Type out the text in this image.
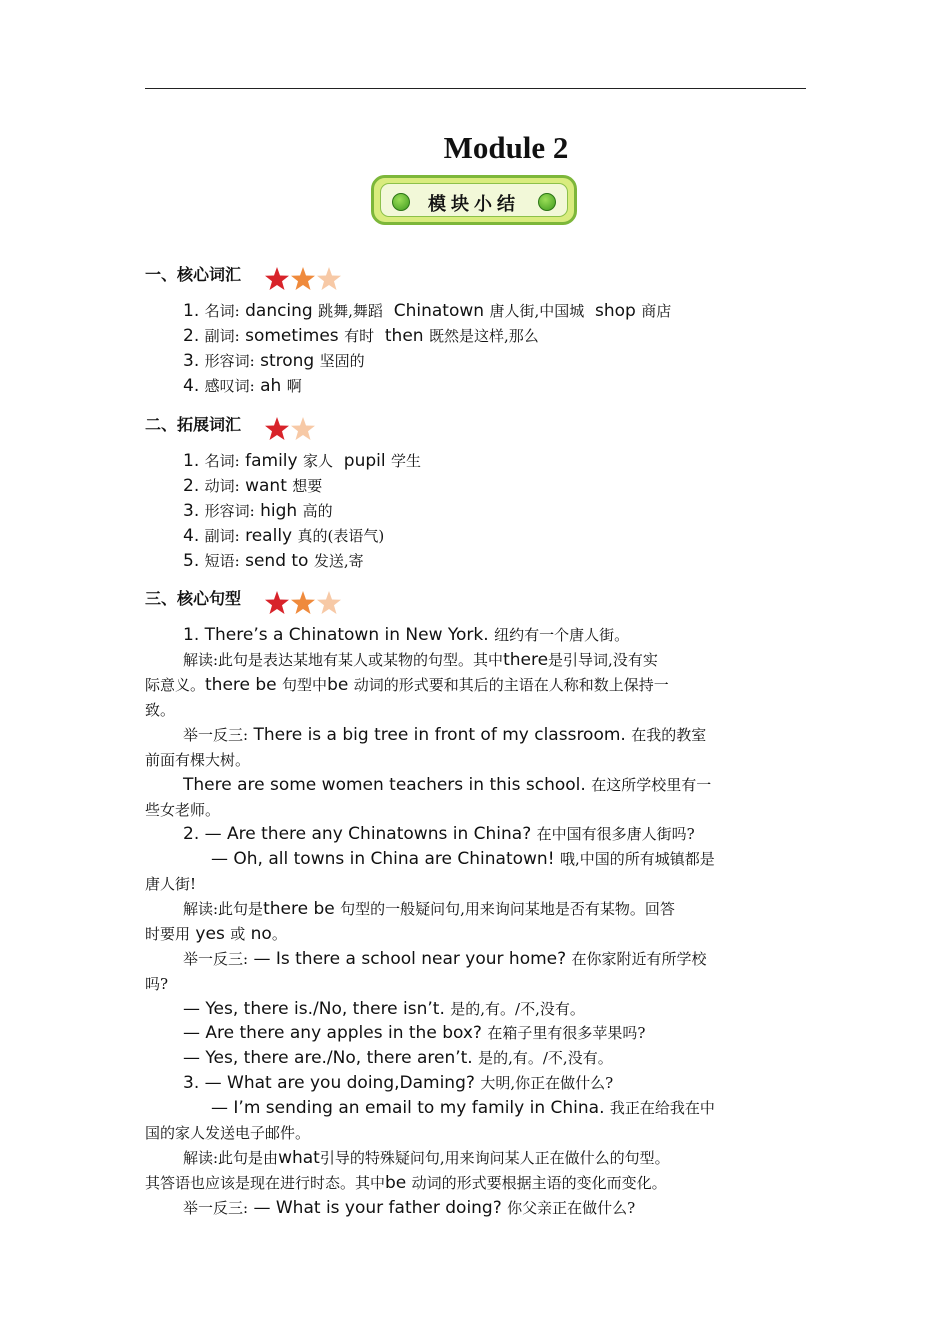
Module 2
模块小结
一、核心词汇
1. 名词: dancing 跳舞,舞蹈  Chinatown 唐人街,中国城  shop 商店
2. 副词: sometimes 有时  then 既然是这样,那么
3. 形容词: strong 坚固的
4. 感叹词: ah 啊
二、拓展词汇
1. 名词: family 家人  pupil 学生
2. 动词: want 想要
3. 形容词: high 高的
4. 副词: really 真的(表语气)
5. 短语: send to 发送,寄
三、核心句型
1. There’s a Chinatown in New York. 纽约有一个唐人街。
解读:此句是表达某地有某人或某物的句型。其中there是引导词,没有实
际意义。there be 句型中be 动词的形式要和其后的主语在人称和数上保持一
致。
举一反三: There is a big tree in front of my classroom. 在我的教室
前面有棵大树。
There are some women teachers in this school. 在这所学校里有一
些女老师。
2. — Are there any Chinatowns in China? 在中国有很多唐人街吗?
— Oh, all towns in China are Chinatown! 哦,中国的所有城镇都是
唐人街!
解读:此句是there be 句型的一般疑问句,用来询问某地是否有某物。回答
时要用 yes 或 no。
举一反三: — Is there a school near your home? 在你家附近有所学校
吗?
— Yes, there is./No, there isn’t. 是的,有。/不,没有。
— Are there any apples in the box? 在箱子里有很多苹果吗?
— Yes, there are./No, there aren’t. 是的,有。/不,没有。
3. — What are you doing,Daming? 大明,你正在做什么?
— I’m sending an email to my family in China. 我正在给我在中
国的家人发送电子邮件。
解读:此句是由what引导的特殊疑问句,用来询问某人正在做什么的句型。
其答语也应该是现在进行时态。其中be 动词的形式要根据主语的变化而变化。
举一反三: — What is your father doing? 你父亲正在做什么?
